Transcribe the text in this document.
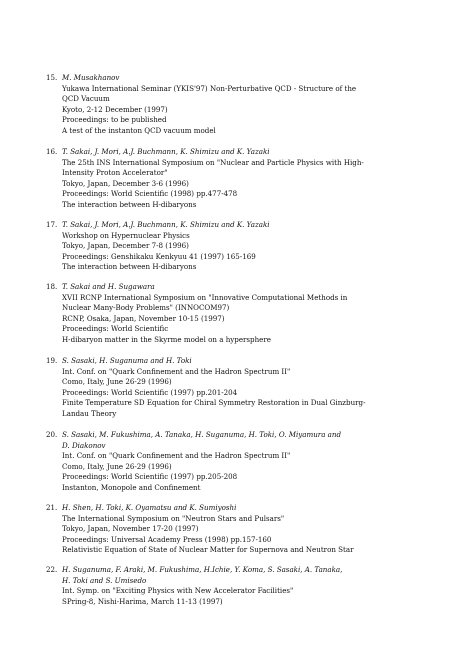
15. M. Musakhanov
Yukawa International Seminar (YKIS'97) Non-Perturbative QCD - Structure of the
QCD Vacuum
Kyoto, 2-12 December (1997)
Proceedings: to be published
A test of the instanton QCD vacuum model
16. T. Sakai, J. Mori, A.J. Buchmann, K. Shimizu and K. Yazaki
The 25th INS International Symposium on "Nuclear and Particle Physics with High-
Intensity Proton Accelerator"
Tokyo, Japan, December 3-6 (1996)
Proceedings: World Scientific (1998) pp.477-478
The interaction between H-dibaryons
17. T. Sakai, J. Mori, A.J. Buchmann, K. Shimizu and K. Yazaki
Workshop on Hypernuclear Physics
Tokyo, Japan, December 7-8 (1996)
Proceedings: Genshikaku Kenkyuu 41 (1997) 165-169
The interaction between H-dibaryons
18. T. Sakai and H. Sugawara
XVII RCNP International Symposium on "Innovative Computational Methods in
Nuclear Many-Body Problems" (INNOCOM97)
RCNP, Osaka, Japan, November 10-15 (1997)
Proceedings: World Scientific
H-dibaryon matter in the Skyrme model on a hypersphere
19. S. Sasaki, H. Suganuma and H. Toki
Int. Conf. on "Quark Confinement and the Hadron Spectrum II"
Como, Italy, June 26-29 (1996)
Proceedings: World Scientific (1997) pp.201-204
Finite Temperature SD Equation for Chiral Symmetry Restoration in Dual Ginzburg-
Landau Theory
20. S. Sasaki, M. Fukushima, A. Tanaka, H. Suganuma, H. Toki, O. Miyamura and
D. Diakonov
Int. Conf. on "Quark Confinement and the Hadron Spectrum II"
Como, Italy, June 26-29 (1996)
Proceedings: World Scientific (1997) pp.205-208
Instanton, Monopole and Confinement
21. H. Shen, H. Toki, K. Oyamatsu and K. Sumiyoshi
The International Symposium on "Neutron Stars and Pulsars"
Tokyo, Japan, November 17-20 (1997)
Proceedings: Universal Academy Press (1998) pp.157-160
Relativistic Equation of State of Nuclear Matter for Supernova and Neutron Star
22. H. Suganuma, F. Araki, M. Fukushima, H.Ichie, Y. Koma, S. Sasaki, A. Tanaka,
H. Toki and S. Umisedo
Int. Symp. on "Exciting Physics with New Accelerator Facilities"
SPring-8, Nishi-Harima, March 11-13 (1997)
